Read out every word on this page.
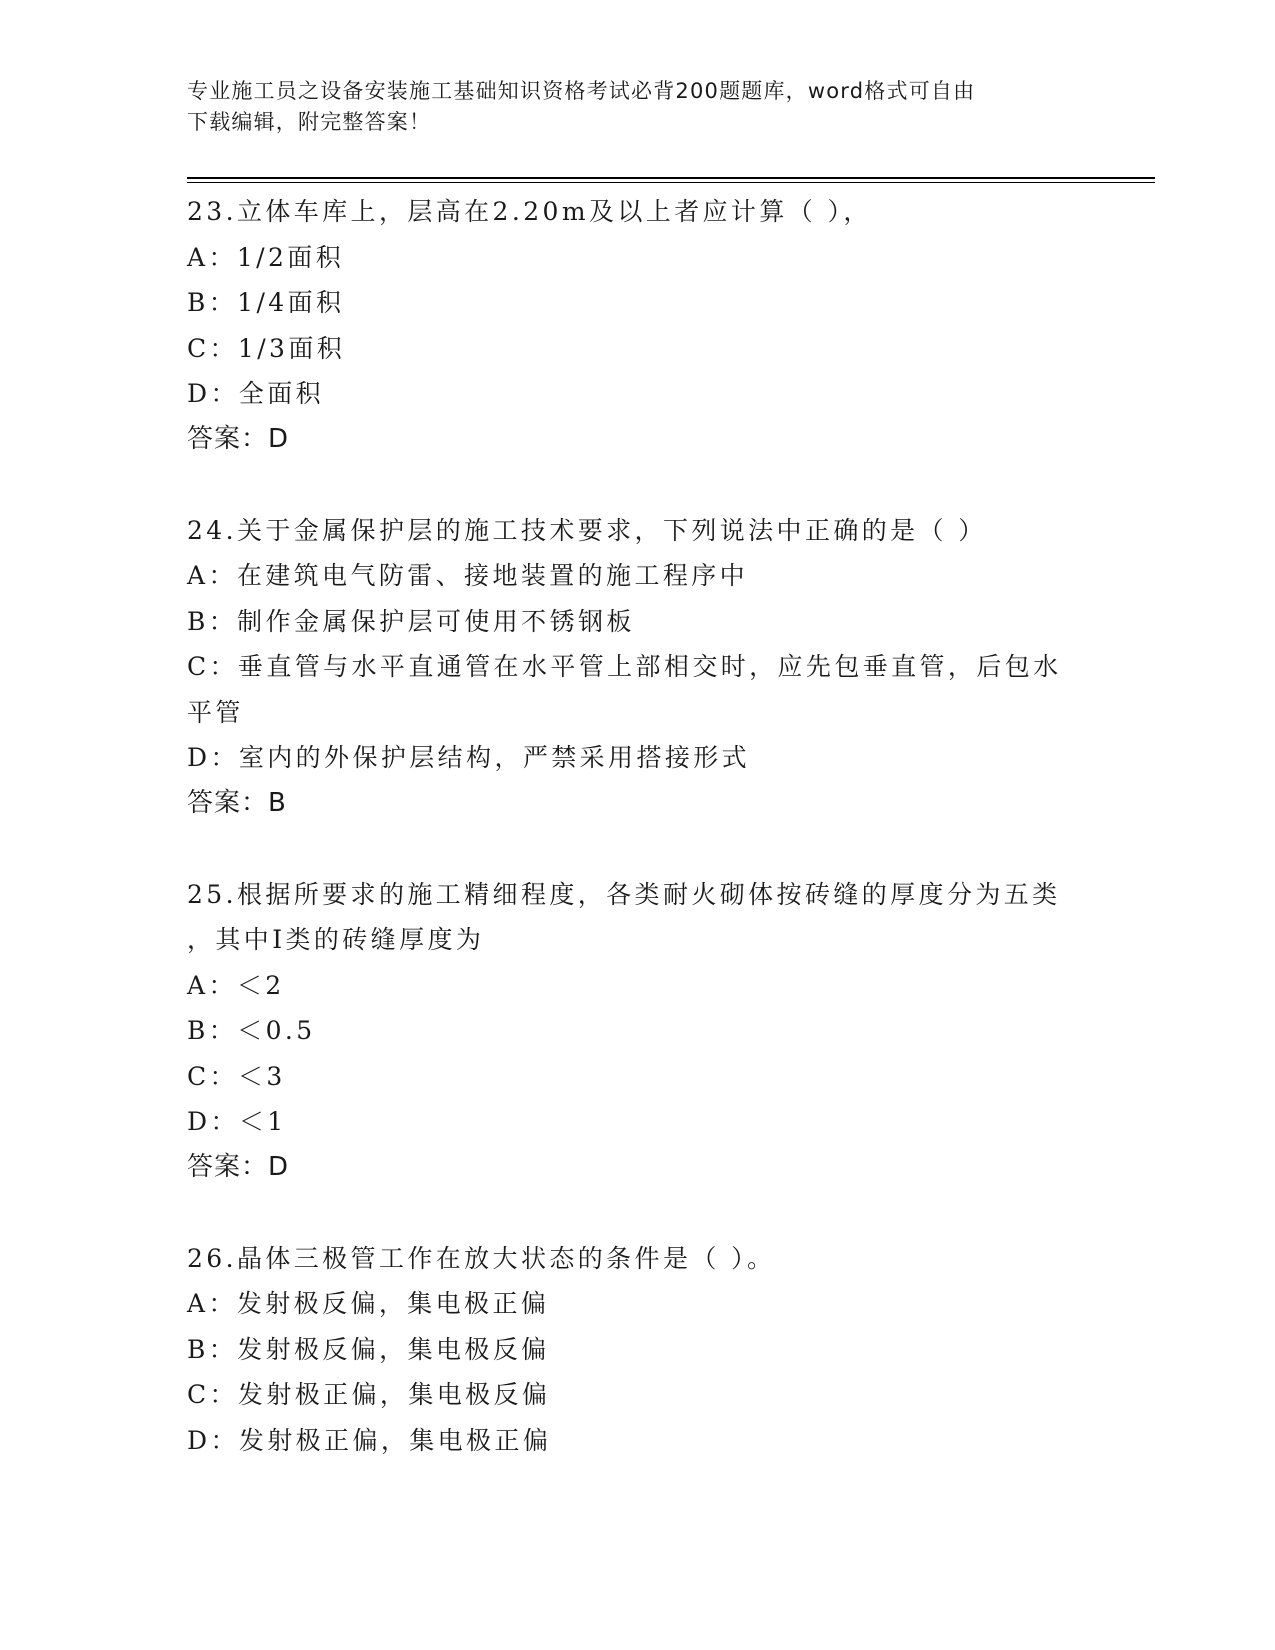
专业施工员之设备安装施工基础知识资格考试必背200题题库，word格式可自由
下载编辑，附完整答案！
23.立体车库上，层高在2.20m及以上者应计算（ ），
A：1/2面积
B：1/4面积
C：1/3面积
D：全面积
答案：D
24.关于金属保护层的施工技术要求，下列说法中正确的是（ ）
A：在建筑电气防雷、接地装置的施工程序中
B：制作金属保护层可使用不锈钢板
C：垂直管与水平直通管在水平管上部相交时，应先包垂直管，后包水
平管
D：室内的外保护层结构，严禁采用搭接形式
答案：B
25.根据所要求的施工精细程度，各类耐火砌体按砖缝的厚度分为五类
，其中I类的砖缝厚度为
A：＜2
B：＜0.5
C：＜3
D：＜1
答案：D
26.晶体三极管工作在放大状态的条件是（ ）。
A：发射极反偏，集电极正偏
B：发射极反偏，集电极反偏
C：发射极正偏，集电极反偏
D：发射极正偏，集电极正偏
